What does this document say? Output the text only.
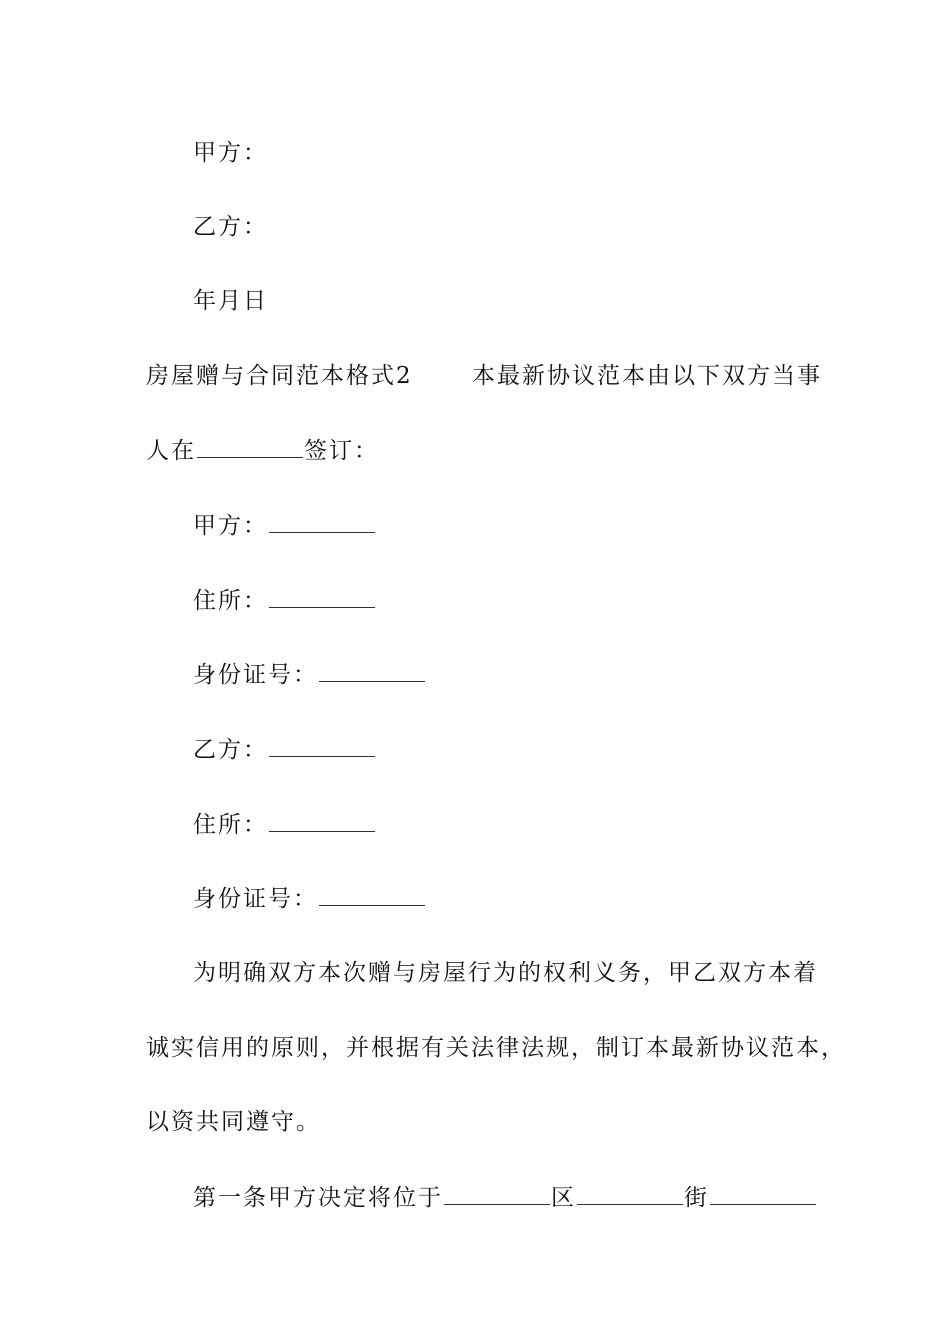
甲方：
乙方：
年月日
房屋赠与合同范本格式2　　 本最新协议范本由以下双方当事
人在	签订：
甲方：
住所：
身份证号：
乙方：
住所：
身份证号：
为明确双方本次赠与房屋行为的权利义务，甲乙双方本着
诚实信用的原则，并根据有关法律法规，制订本最新协议范本，
以资共同遵守。
第一条甲方决定将位于	区	街
